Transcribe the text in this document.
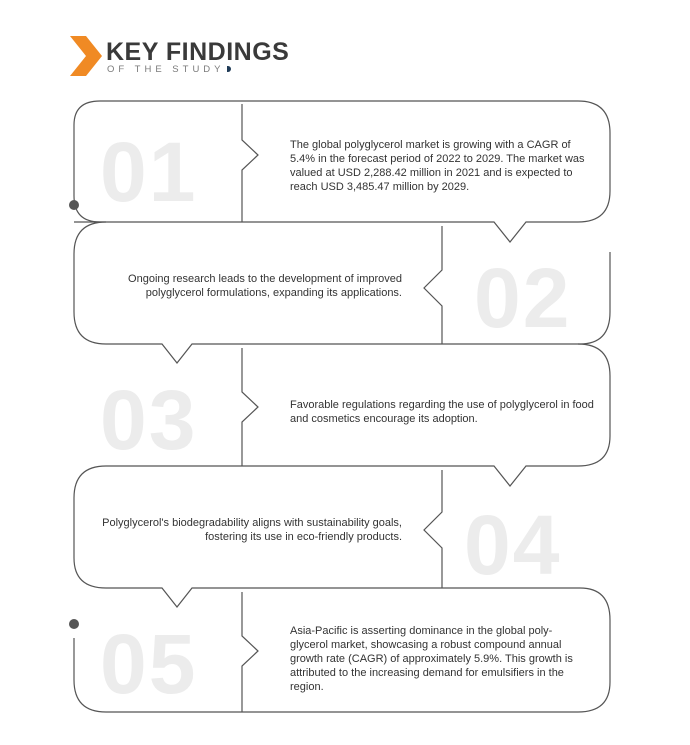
KEY FINDINGS
OF THE STUDY
01
02
03
04
05
The global polyglycerol market is growing with a CAGR of 5.4% in the forecast period of 2022 to 2029. The market was valued at USD 2,288.42 million in 2021 and is expected to reach USD 3,485.47 million by 2029.
Ongoing research leads to the development of improved polyglycerol formulations, expanding its applications.
Favorable regulations regarding the use of polyglycerol in food and cosmetics encourage its adoption.
Polyglycerol's biodegradability aligns with sustainability goals, fostering its use in eco-friendly products.
Asia-Pacific is asserting dominance in the global poly-glycerol market, showcasing a robust compound annual growth rate (CAGR) of approximately 5.9%. This growth is attributed to the increasing demand for emulsifiers in the region.
